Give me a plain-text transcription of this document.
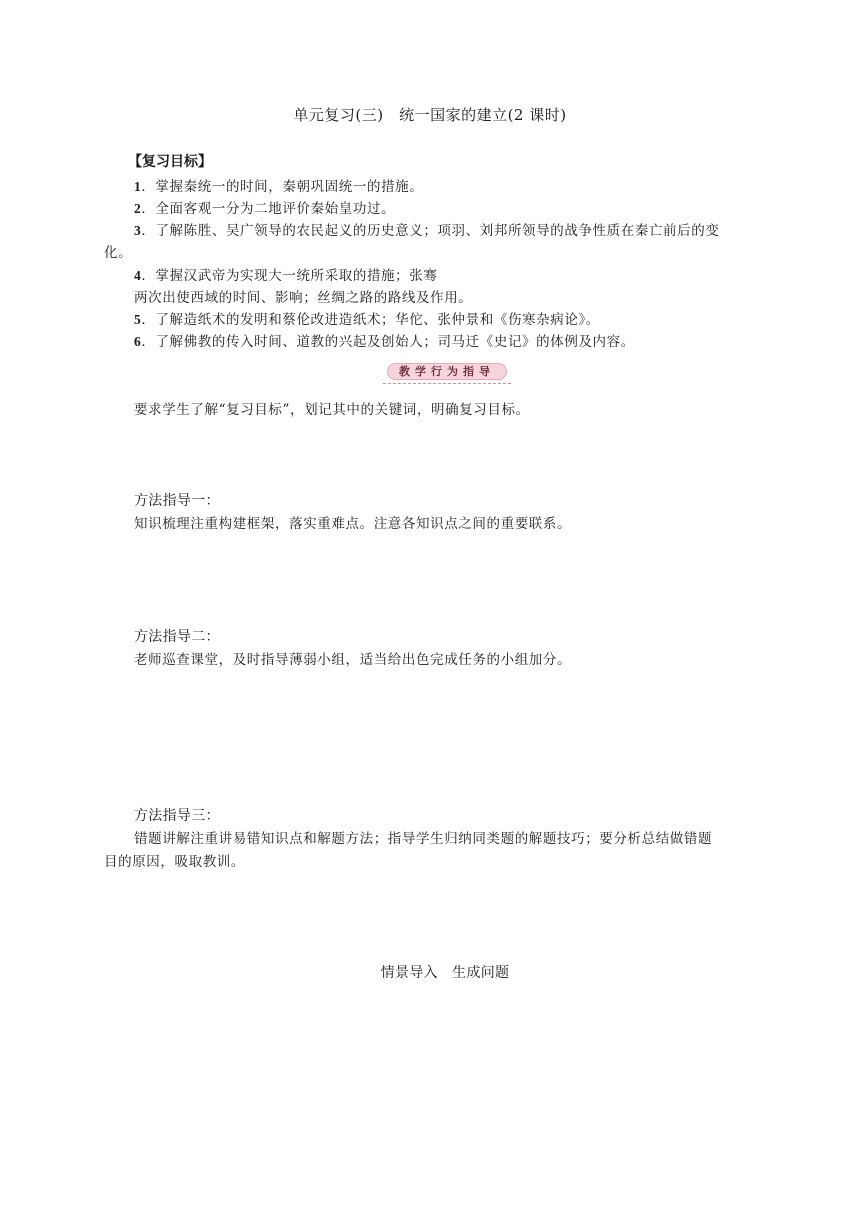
单元复习(三)　统一国家的建立(2 课时)
【复习目标】
1．掌握秦统一的时间，秦朝巩固统一的措施。
2．全面客观一分为二地评价秦始皇功过。
3．了解陈胜、吴广领导的农民起义的历史意义；项羽、刘邦所领导的战争性质在秦亡前后的变
化。
4．掌握汉武帝为实现大一统所采取的措施；张骞
两次出使西域的时间、影响；丝绸之路的路线及作用。
5．了解造纸术的发明和蔡伦改进造纸术；华佗、张仲景和《伤寒杂病论》。
6．了解佛教的传入时间、道教的兴起及创始人；司马迁《史记》的体例及内容。
教学行为指导
要求学生了解“复习目标”，划记其中的关键词，明确复习目标。
方法指导一：
知识梳理注重构建框架，落实重难点。注意各知识点之间的重要联系。
方法指导二：
老师巡查课堂，及时指导薄弱小组，适当给出色完成任务的小组加分。
方法指导三：
错题讲解注重讲易错知识点和解题方法；指导学生归纳同类题的解题技巧；要分析总结做错题
目的原因，吸取教训。
情景导入　生成问题
